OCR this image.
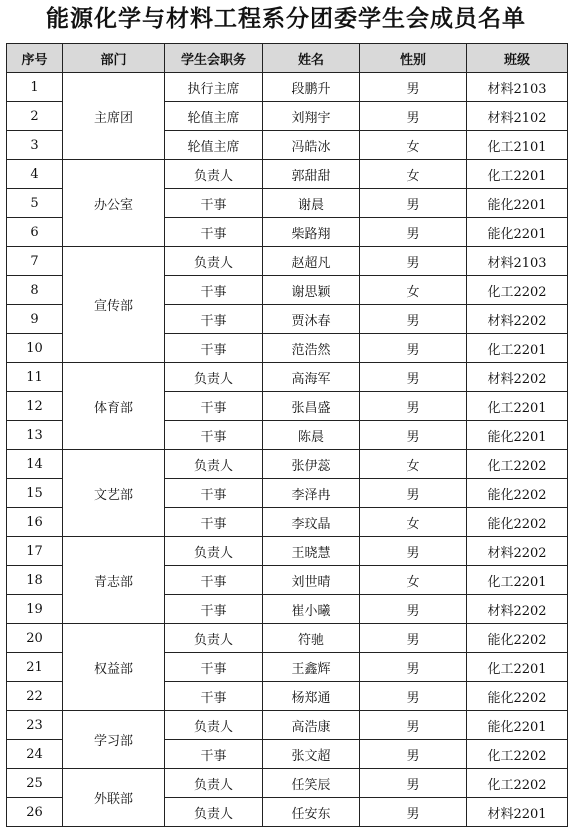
能源化学与材料工程系分团委学生会成员名单
序号	部门	学生会职务	姓名	性别	班级
1	主席团	执行主席	段鹏升	男	材料2103
2		轮值主席	刘翔宇	男	材料2102
3		轮值主席	冯皓冰	女	化工2101
4	办公室	负责人	郭甜甜	女	化工2201
5		干事	谢晨	男	能化2201
6		干事	柴路翔	男	能化2201
7	宣传部	负责人	赵超凡	男	材料2103
8		干事	谢思颖	女	化工2202
9		干事	贾沐春	男	材料2202
10		干事	范浩然	男	化工2201
11	体育部	负责人	高海军	男	材料2202
12		干事	张昌盛	男	化工2201
13		干事	陈晨	男	能化2201
14	文艺部	负责人	张伊蕊	女	化工2202
15		干事	李泽冉	男	能化2202
16		干事	李玟晶	女	能化2202
17	青志部	负责人	王晓慧	男	材料2202
18		干事	刘世晴	女	化工2201
19		干事	崔小曦	男	材料2202
20	权益部	负责人	符驰	男	能化2202
21		干事	王鑫辉	男	化工2201
22		干事	杨郑通	男	能化2202
23	学习部	负责人	高浩康	男	能化2201
24		干事	张文超	男	化工2202
25	外联部	负责人	任笑辰	男	化工2202
26		负责人	任安东	男	材料2201
